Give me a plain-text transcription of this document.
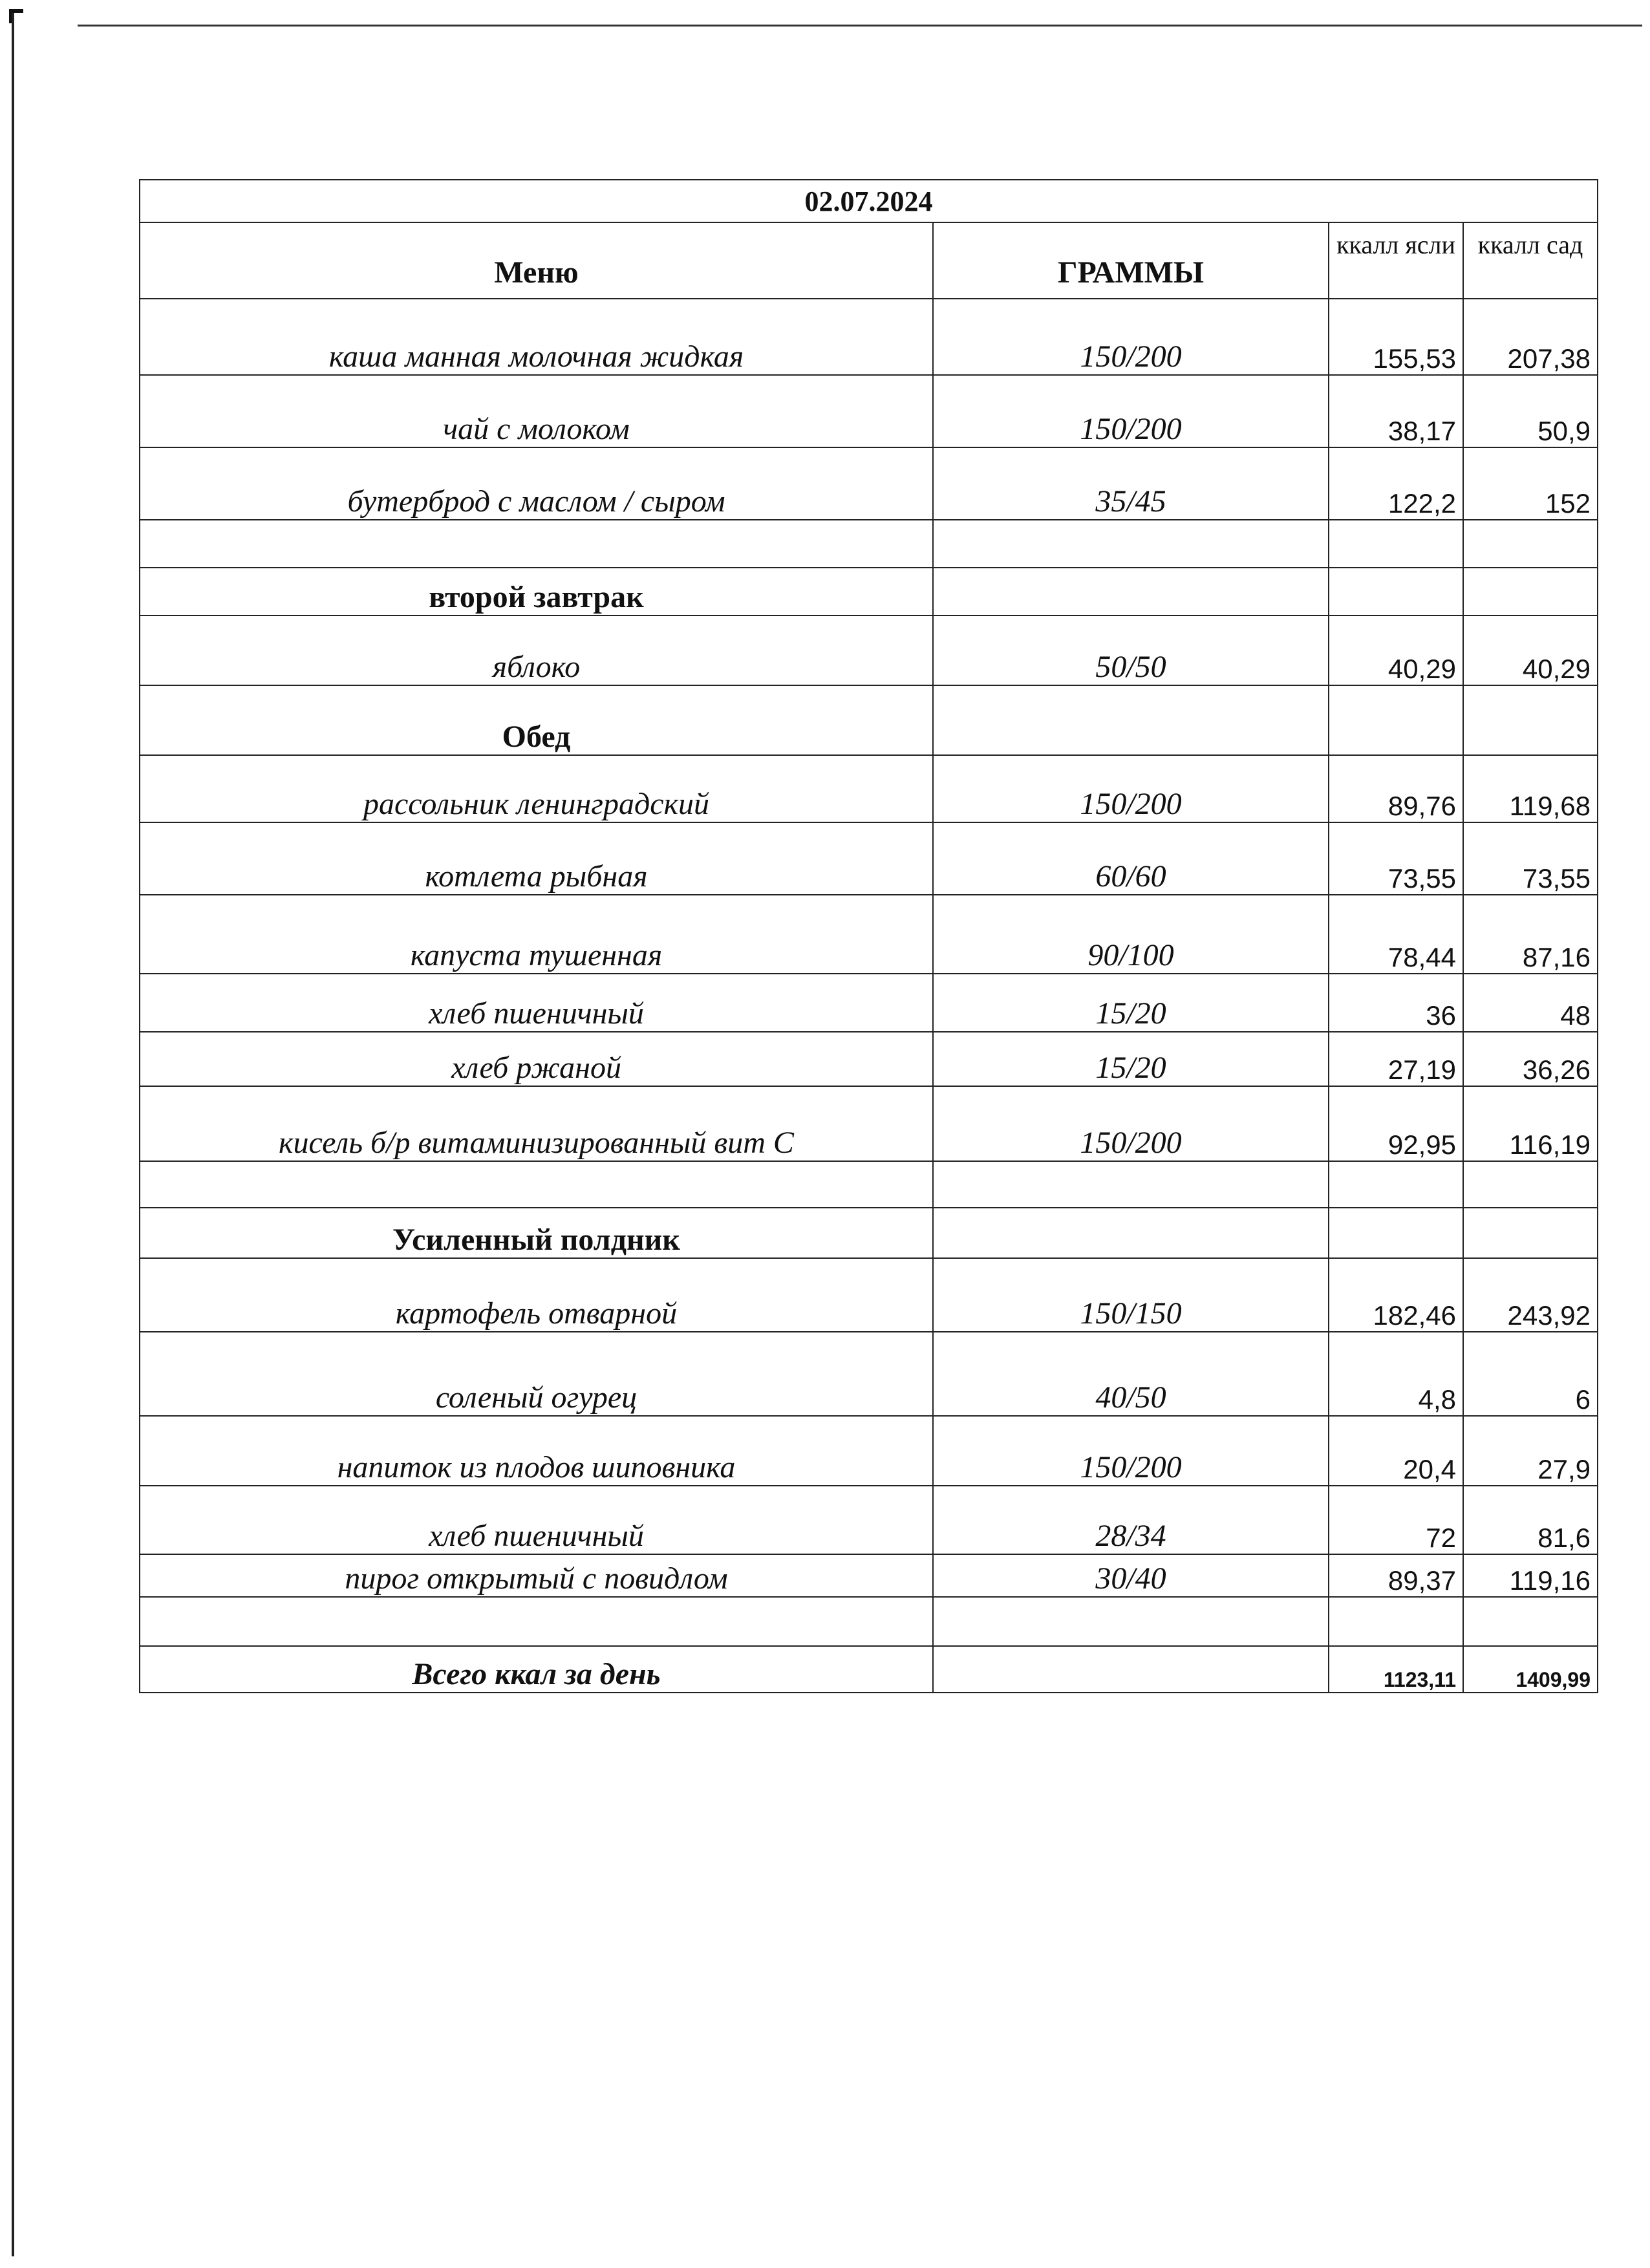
02.07.2024			
Меню	ГРАММЫ	ккалл ясли	ккалл сад
каша манная молочная жидкая	150/200	155,53	207,38
чай с молоком	150/200	38,17	50,9
бутерброд с маслом / сыром	35/45	122,2	152

второй завтрак			
яблоко	50/50	40,29	40,29
Обед			
рассольник ленинградский	150/200	89,76	119,68
котлета рыбная	60/60	73,55	73,55
капуста тушенная	90/100	78,44	87,16
хлеб пшеничный	15/20	36	48
хлеб ржаной	15/20	27,19	36,26
кисель б/р витаминизированный вит С	150/200	92,95	116,19

Усиленный полдник			
картофель отварной	150/150	182,46	243,92
соленый огурец	40/50	4,8	6
напиток из плодов шиповника	150/200	20,4	27,9
хлеб пшеничный	28/34	72	81,6
пирог открытый с повидлом	30/40	89,37	119,16

Всего ккал за день		1123,11	1409,99
